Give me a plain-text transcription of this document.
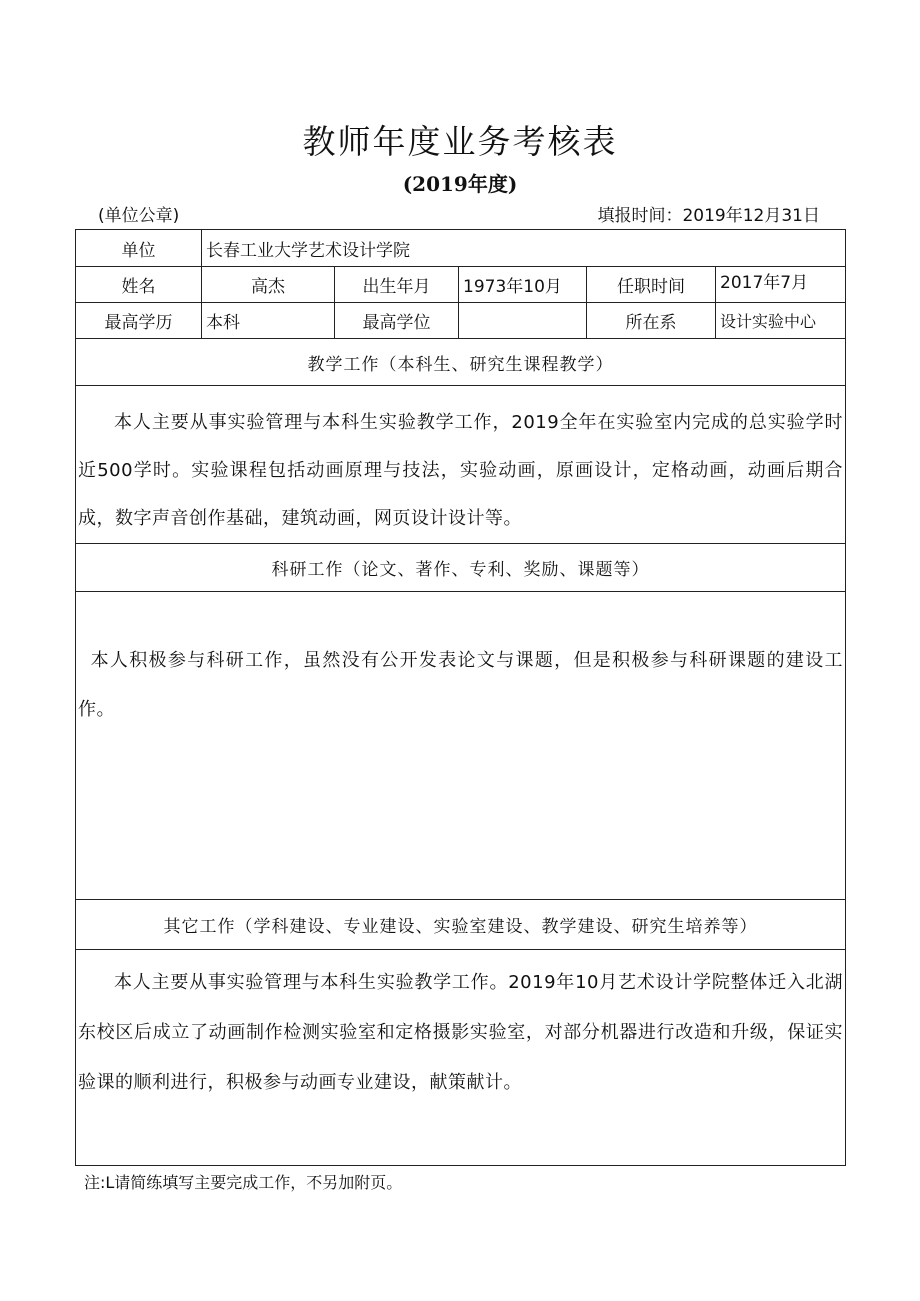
教师年度业务考核表
(2019年度)
(单位公章)	填报时间：2019年12月31日
单位	长春工业大学艺术设计学院				
姓名	高杰	出生年月	1973年10月	任职时间	2017年7月
最高学历	本科	最高学位		所在系	设计实验中心
教学工作（本科生、研究生课程教学）					

本人主要从事实验管理与本科生实验教学工作，2019全年在实验室内完成的总实验学时近500学时。实验课程包括动画原理与技法，实验动画，原画设计，定格动画，动画后期合成，数字声音创作基础，建筑动画，网页设计设计等。					

科研工作（论文、著作、专利、奖励、课题等）					

本人积极参与科研工作，虽然没有公开发表论文与课题，但是积极参与科研课题的建设工作。					

其它工作（学科建设、专业建设、实验室建设、教学建设、研究生培养等）					

本人主要从事实验管理与本科生实验教学工作。2019年10月艺术设计学院整体迁入北湖东校区后成立了动画制作检测实验室和定格摄影实验室，对部分机器进行改造和升级，保证实验课的顺利进行，积极参与动画专业建设，献策献计。					
注:L请简练填写主要完成工作，不另加附页。
